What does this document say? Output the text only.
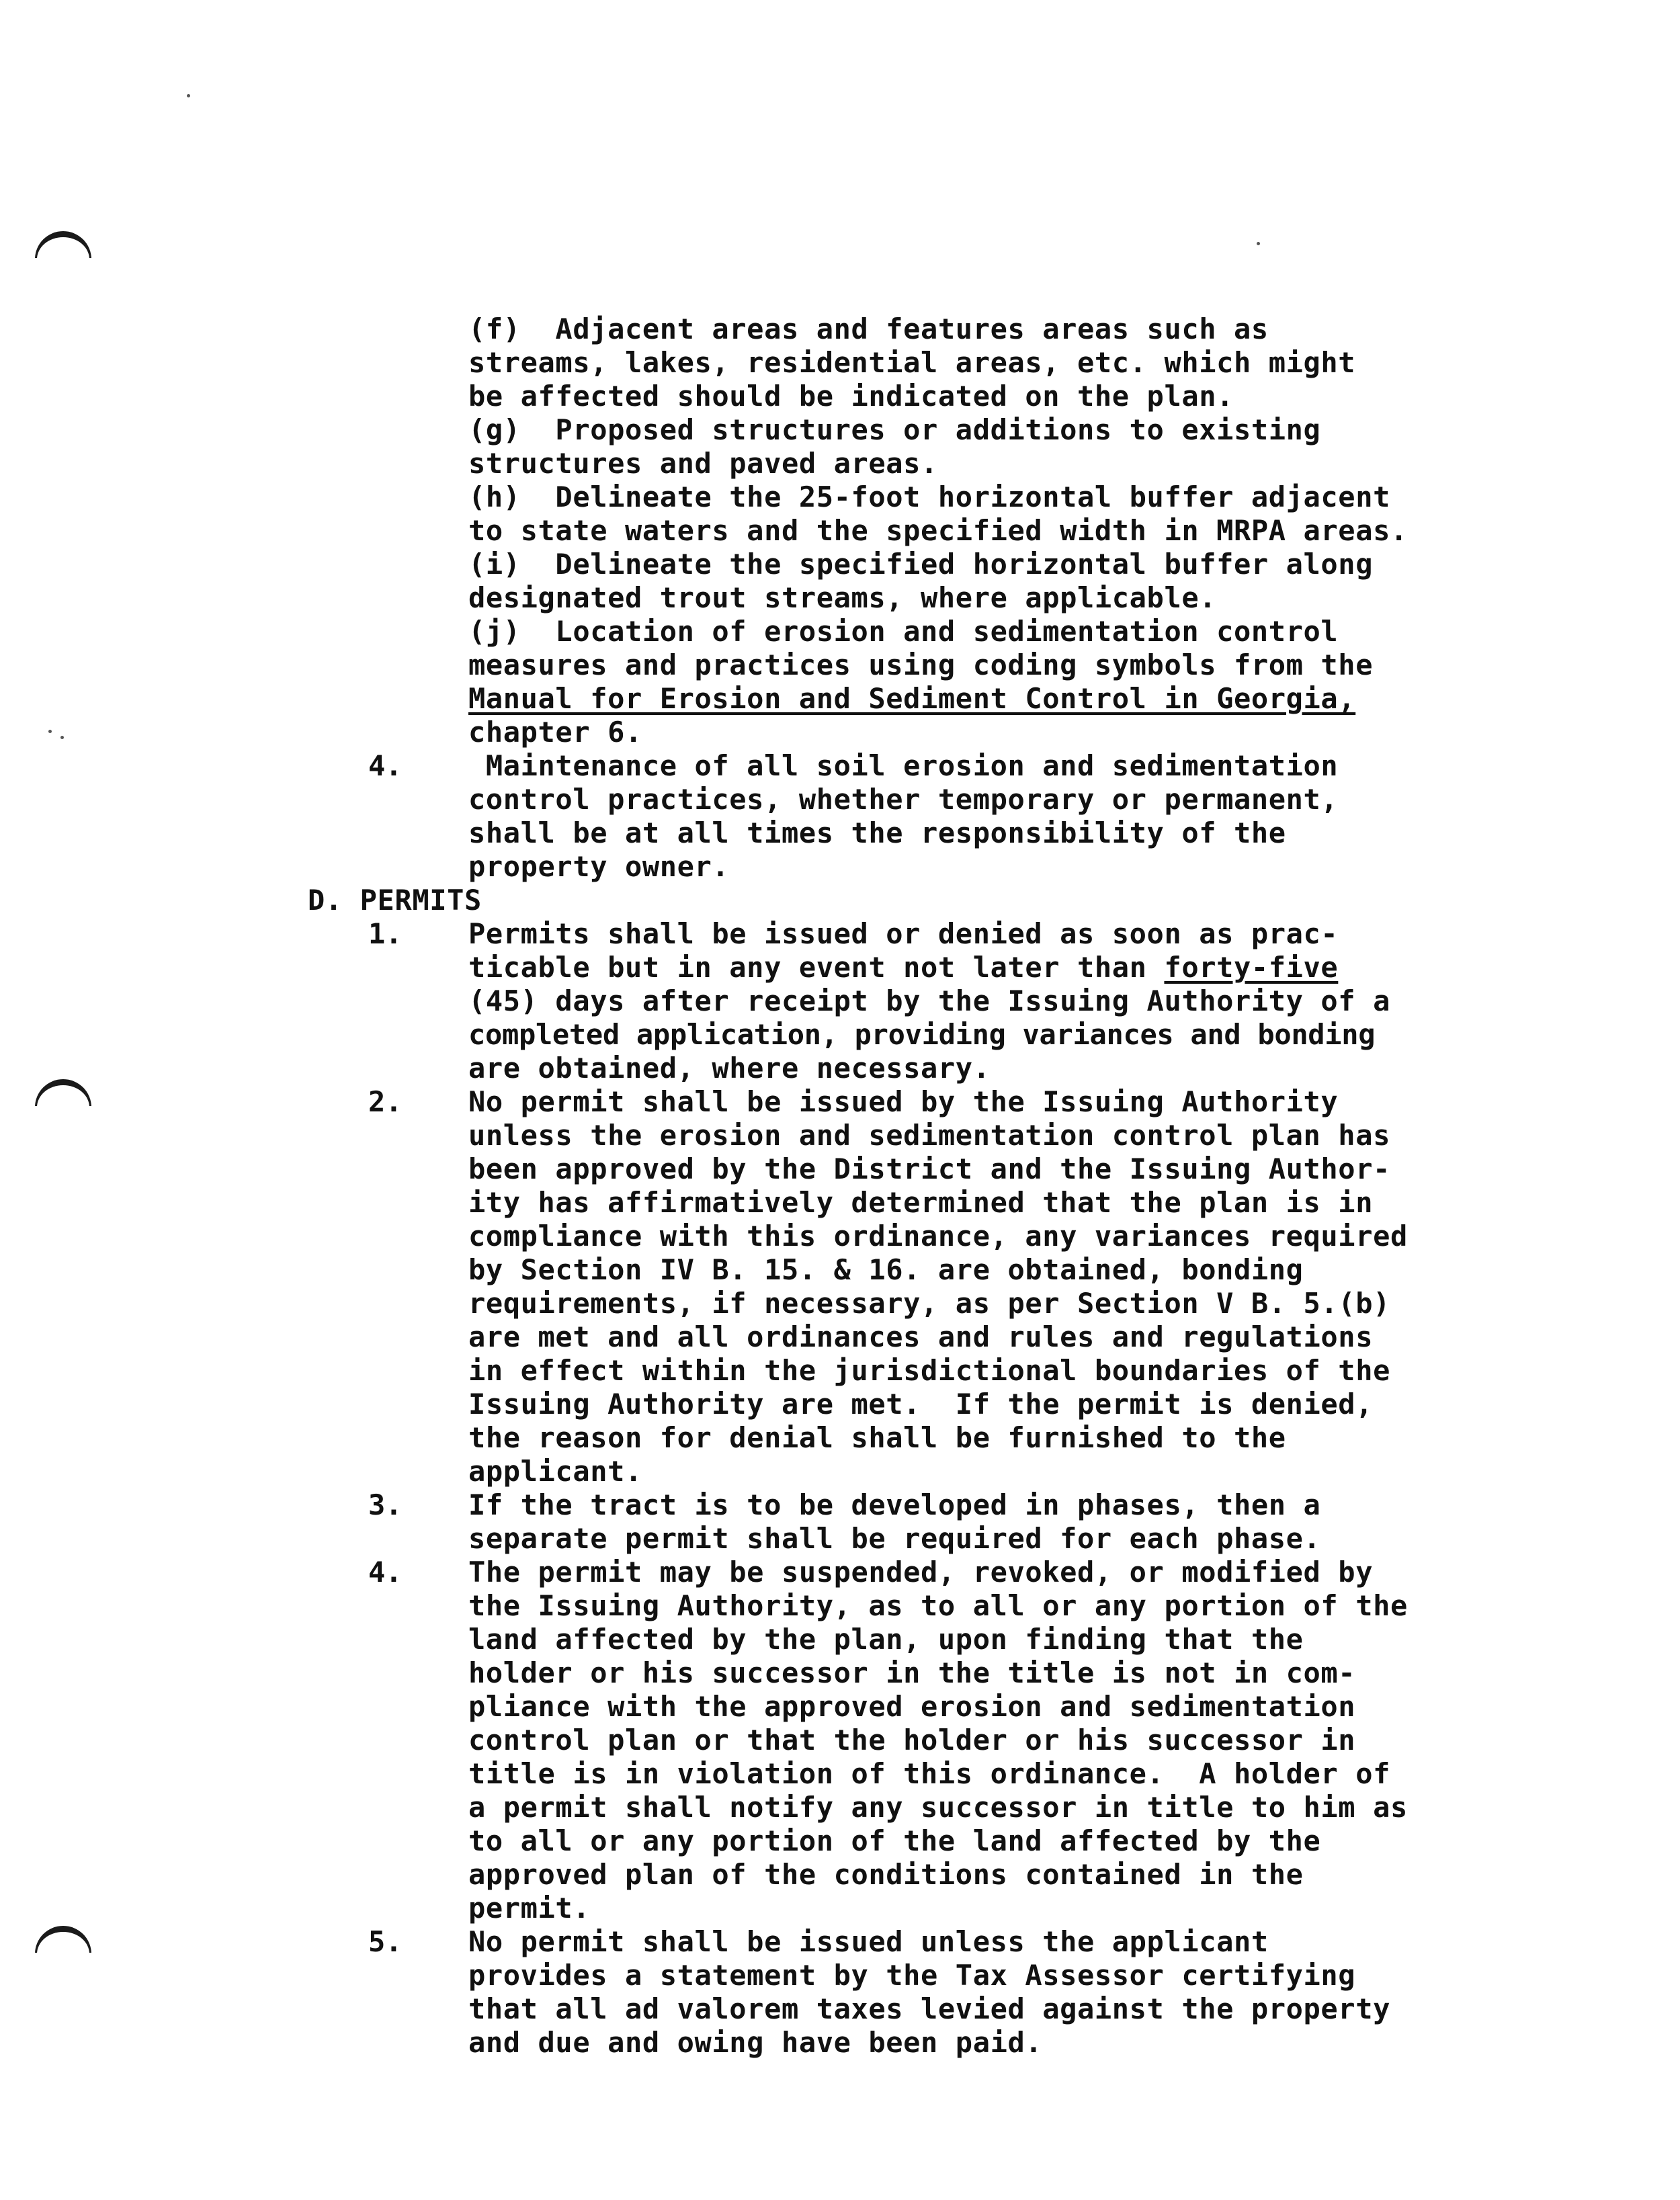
(f)  Adjacent areas and features areas such as
streams, lakes, residential areas, etc. which might
be affected should be indicated on the plan.
(g)  Proposed structures or additions to existing
structures and paved areas.
(h)  Delineate the 25-foot horizontal buffer adjacent
to state waters and the specified width in MRPA areas.
(i)  Delineate the specified horizontal buffer along
designated trout streams, where applicable.
(j)  Location of erosion and sedimentation control
measures and practices using coding symbols from the
Manual for Erosion and Sediment Control in Georgia,
chapter 6.
4. Maintenance of all soil erosion and sedimentation
control practices, whether temporary or permanent,
shall be at all times the responsibility of the
property owner.
D. PERMITS
1. Permits shall be issued or denied as soon as prac-
ticable but in any event not later than forty-five
(45) days after receipt by the Issuing Authority of a
completed application, providing variances and bonding
are obtained, where necessary.
2. No permit shall be issued by the Issuing Authority
unless the erosion and sedimentation control plan has
been approved by the District and the Issuing Author-
ity has affirmatively determined that the plan is in
compliance with this ordinance, any variances required
by Section IV B. 15. & 16. are obtained, bonding
requirements, if necessary, as per Section V B. 5.(b)
are met and all ordinances and rules and regulations
in effect within the jurisdictional boundaries of the
Issuing Authority are met.  If the permit is denied,
the reason for denial shall be furnished to the
applicant.
3. If the tract is to be developed in phases, then a
separate permit shall be required for each phase.
4. The permit may be suspended, revoked, or modified by
the Issuing Authority, as to all or any portion of the
land affected by the plan, upon finding that the
holder or his successor in the title is not in com-
pliance with the approved erosion and sedimentation
control plan or that the holder or his successor in
title is in violation of this ordinance.  A holder of
a permit shall notify any successor in title to him as
to all or any portion of the land affected by the
approved plan of the conditions contained in the
permit.
5. No permit shall be issued unless the applicant
provides a statement by the Tax Assessor certifying
that all ad valorem taxes levied against the property
and due and owing have been paid.
